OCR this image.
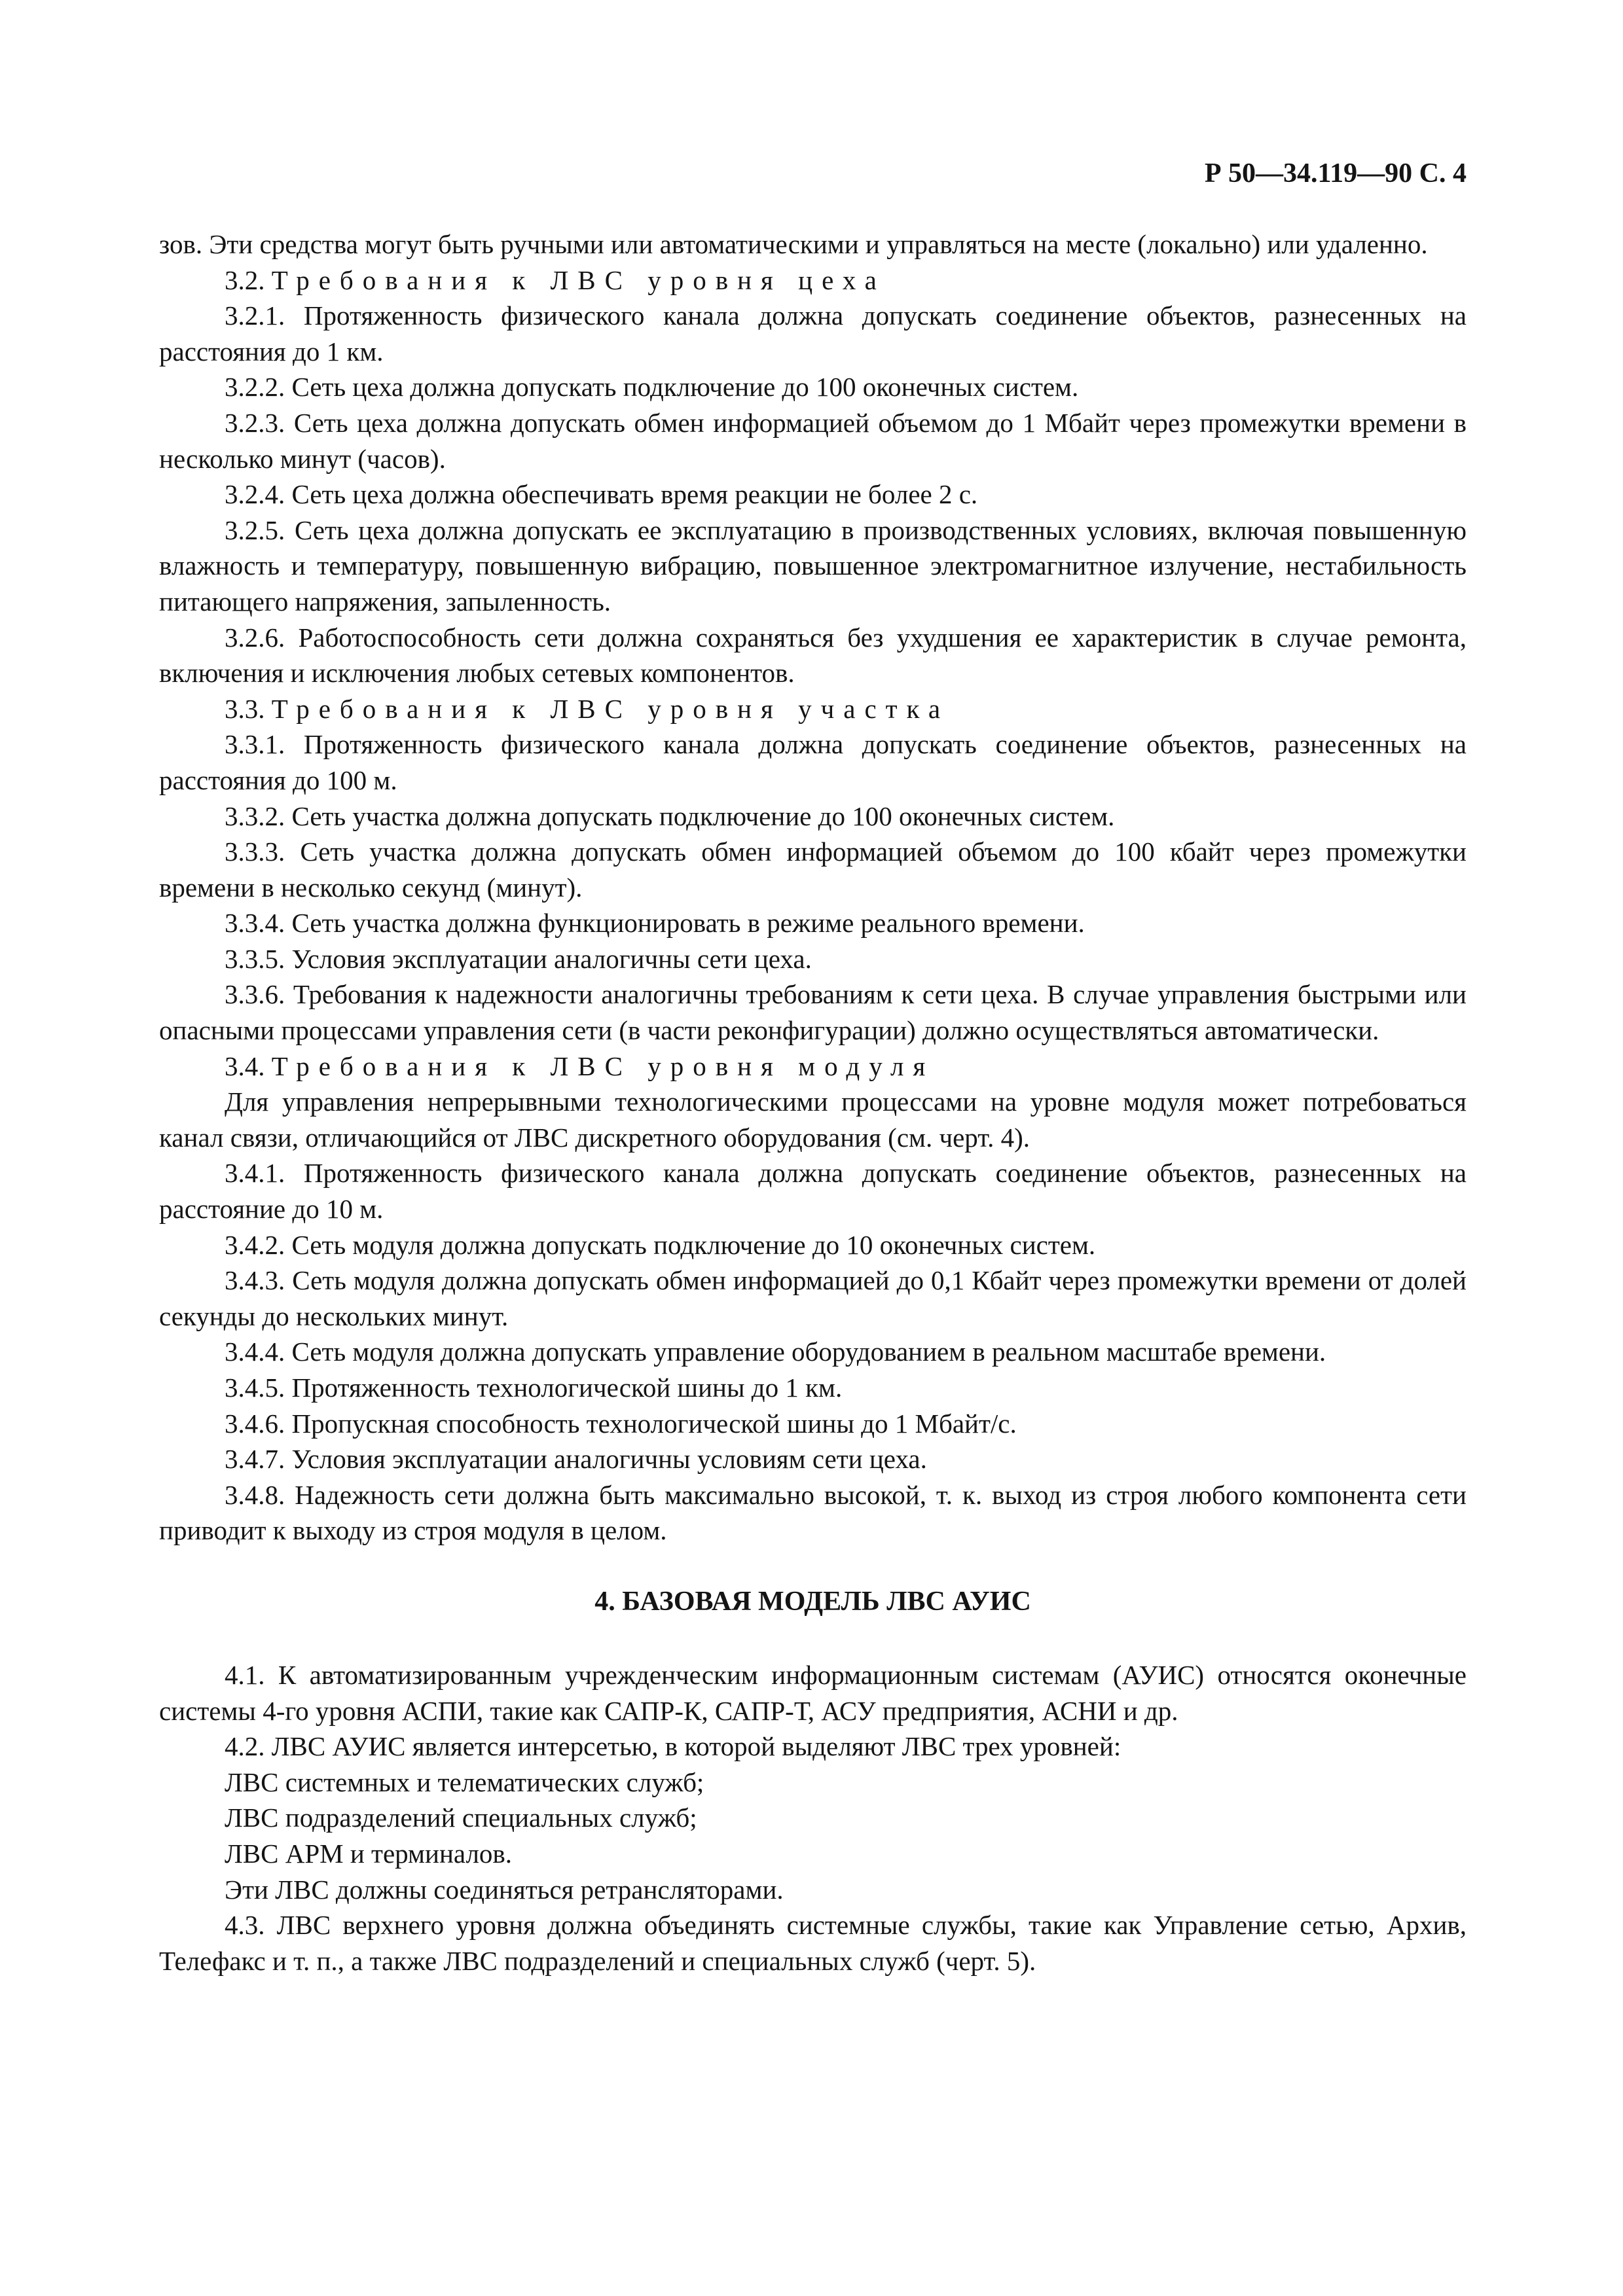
Р 50—34.119—90 С. 4

зов. Эти средства могут быть ручными или автоматическими и управляться на месте (локально) или удаленно.

3.2. Требования к ЛВС уровня цеха

3.2.1. Протяженность физического канала должна допускать соединение объектов, разнесенных на расстояния до 1 км.

3.2.2. Сеть цеха должна допускать подключение до 100 оконечных систем.

3.2.3. Сеть цеха должна допускать обмен информацией объемом до 1 Мбайт через промежутки времени в несколько минут (часов).

3.2.4. Сеть цеха должна обеспечивать время реакции не более 2 с.

3.2.5. Сеть цеха должна допускать ее эксплуатацию в производственных условиях, включая повышенную влажность и температуру, повышенную вибрацию, повышенное электромагнитное излучение, нестабильность питающего напряжения, запыленность.

3.2.6. Работоспособность сети должна сохраняться без ухудшения ее характеристик в случае ремонта, включения и исключения любых сетевых компонентов.

3.3. Требования к ЛВС уровня участка

3.3.1. Протяженность физического канала должна допускать соединение объектов, разнесенных на расстояния до 100 м.

3.3.2. Сеть участка должна допускать подключение до 100 оконечных систем.

3.3.3. Сеть участка должна допускать обмен информацией объемом до 100 кбайт через промежутки времени в несколько секунд (минут).

3.3.4. Сеть участка должна функционировать в режиме реального времени.

3.3.5. Условия эксплуатации аналогичны сети цеха.

3.3.6. Требования к надежности аналогичны требованиям к сети цеха. В случае управления быстрыми или опасными процессами управления сети (в части реконфигурации) должно осуществляться автоматически.

3.4. Требования к ЛВС уровня модуля

Для управления непрерывными технологическими процессами на уровне модуля может потребоваться канал связи, отличающийся от ЛВС дискретного оборудования (см. черт. 4).

3.4.1. Протяженность физического канала должна допускать соединение объектов, разнесенных на расстояние до 10 м.

3.4.2. Сеть модуля должна допускать подключение до 10 оконечных систем.

3.4.3. Сеть модуля должна допускать обмен информацией до 0,1 Кбайт через промежутки времени от долей секунды до нескольких минут.

3.4.4. Сеть модуля должна допускать управление оборудованием в реальном масштабе времени.

3.4.5. Протяженность технологической шины до 1 км.

3.4.6. Пропускная способность технологической шины до 1 Мбайт/с.

3.4.7. Условия эксплуатации аналогичны условиям сети цеха.

3.4.8. Надежность сети должна быть максимально высокой, т. к. выход из строя любого компонента сети приводит к выходу из строя модуля в целом.

4. БАЗОВАЯ МОДЕЛЬ ЛВС АУИС

4.1. К автоматизированным учрежденческим информационным системам (АУИС) относятся оконечные системы 4-го уровня АСПИ, такие как САПР-К, САПР-Т, АСУ предприятия, АСНИ и др.

4.2. ЛВС АУИС является интерсетью, в которой выделяют ЛВС трех уровней:

ЛВС системных и телематических служб;

ЛВС подразделений специальных служб;

ЛВС АРМ и терминалов.

Эти ЛВС должны соединяться ретрансляторами.

4.3. ЛВС верхнего уровня должна объединять системные службы, такие как Управление сетью, Архив, Телефакс и т. п., а также ЛВС подразделений и специальных служб (черт. 5).
